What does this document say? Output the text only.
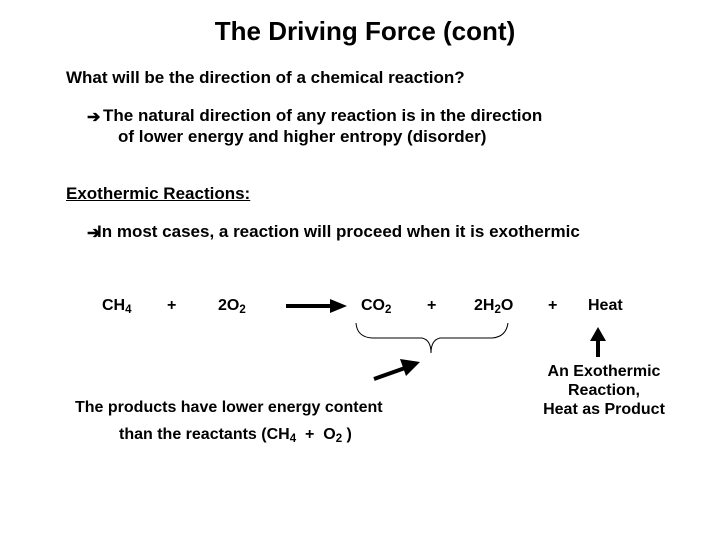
The Driving Force (cont)
What will be the direction of a chemical reaction?
➔ The natural direction of any reaction is in the direction
of lower energy and higher entropy (disorder)
Exothermic Reactions:
➔
In most cases, a reaction will proceed when it is exothermic
$CH_4$ +	$2O_2$	$CO_2 + 2H_2O$ + Heat
The products have lower energy content
than the reactants ($CH_4 + O_2$ )
An Exothermic
Reaction,
Heat as Product
